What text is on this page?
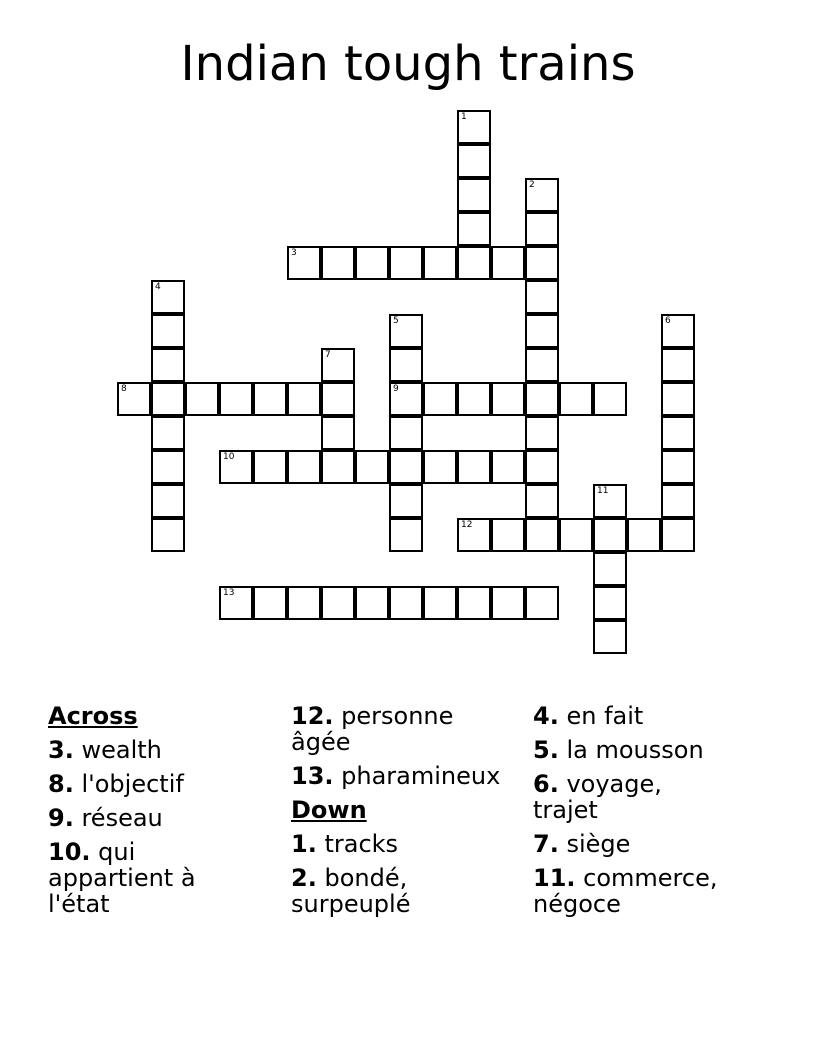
Indian tough trains
1
2
3
4
5
9
6
7
8
10
11
12
13
Across
3. wealth
8. l'objectif
9. réseau
10. qui appartient à l'état
12. personne âgée
13. pharamineux
Down
1. tracks
2. bondé, surpeuplé
4. en fait
5. la mousson
6. voyage, trajet
7. siège
11. commerce, négoce
